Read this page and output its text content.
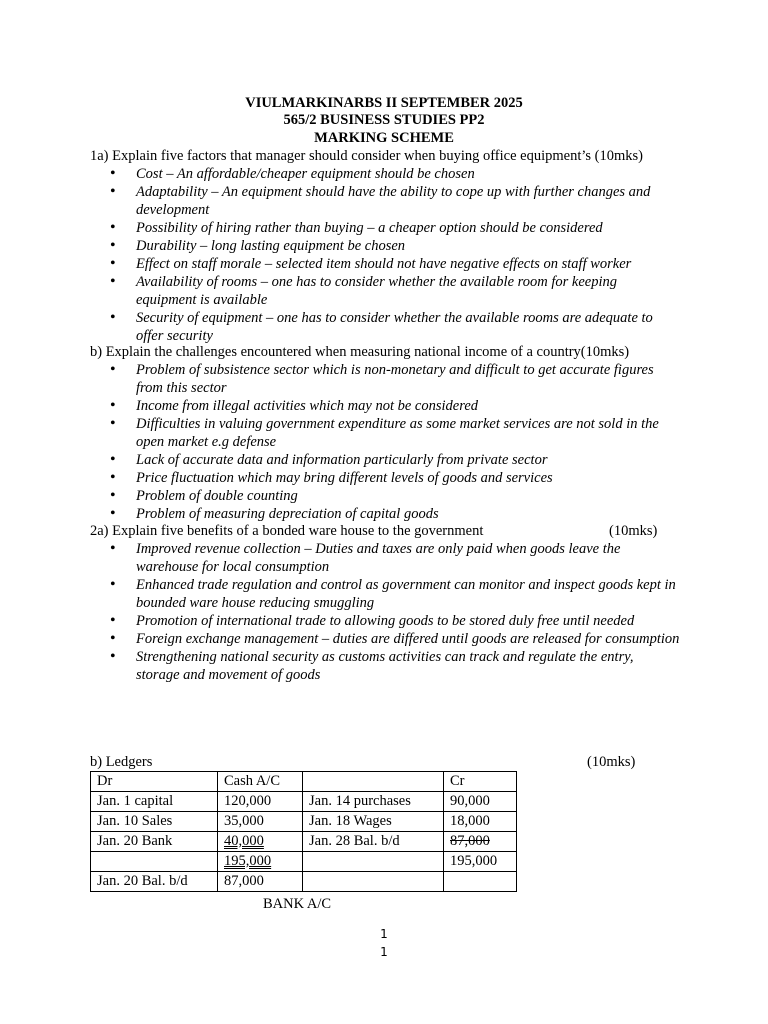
VIULMARKINARBS II SEPTEMBER 2025
565/2 BUSINESS STUDIES PP2
MARKING SCHEME
1a) Explain five factors that manager should consider when buying office equipment’s (10mks)
• Cost – An affordable/cheaper equipment should be chosen
• Adaptability – An equipment should have the ability to cope up with further changes and development
• Possibility of hiring rather than buying – a cheaper option should be considered
• Durability – long lasting equipment be chosen
• Effect on staff morale – selected item should not have negative effects on staff worker
• Availability of rooms – one has to consider whether the available room for keeping equipment is available
• Security of equipment – one has to consider whether the available rooms are adequate to offer security
b) Explain the challenges encountered when measuring national income of a country(10mks)
• Problem of subsistence sector which is non-monetary and difficult to get accurate figures from this sector
• Income from illegal activities which may not be considered
• Difficulties in valuing government expenditure as some market services are not sold in the open market e.g defense
• Lack of accurate data and information particularly from private sector
• Price fluctuation which may bring different levels of goods and services
• Problem of double counting
• Problem of measuring depreciation of capital goods
2a) Explain five benefits of a bonded ware house to the government	(10mks)
• Improved revenue collection – Duties and taxes are only paid when goods leave the warehouse for local consumption
• Enhanced trade regulation and control as government can monitor and inspect goods kept in bounded ware house reducing smuggling
• Promotion of international trade to allowing goods to be stored duly free until needed
• Foreign exchange management – duties are differed until goods are released for consumption
• Strengthening national security as customs activities can track and regulate the entry, storage and movement of goods
b) Ledgers	(10mks)
Dr	Cash A/C		Cr
Jan. 1 capital	120,000	Jan. 14 purchases	90,000
Jan. 10 Sales	35,000	Jan. 18 Wages	18,000
Jan. 20 Bank	40,000	Jan. 28 Bal. b/d	87,000
	195,000		195,000
Jan. 20 Bal. b/d	87,000		
BANK A/C
1
1
